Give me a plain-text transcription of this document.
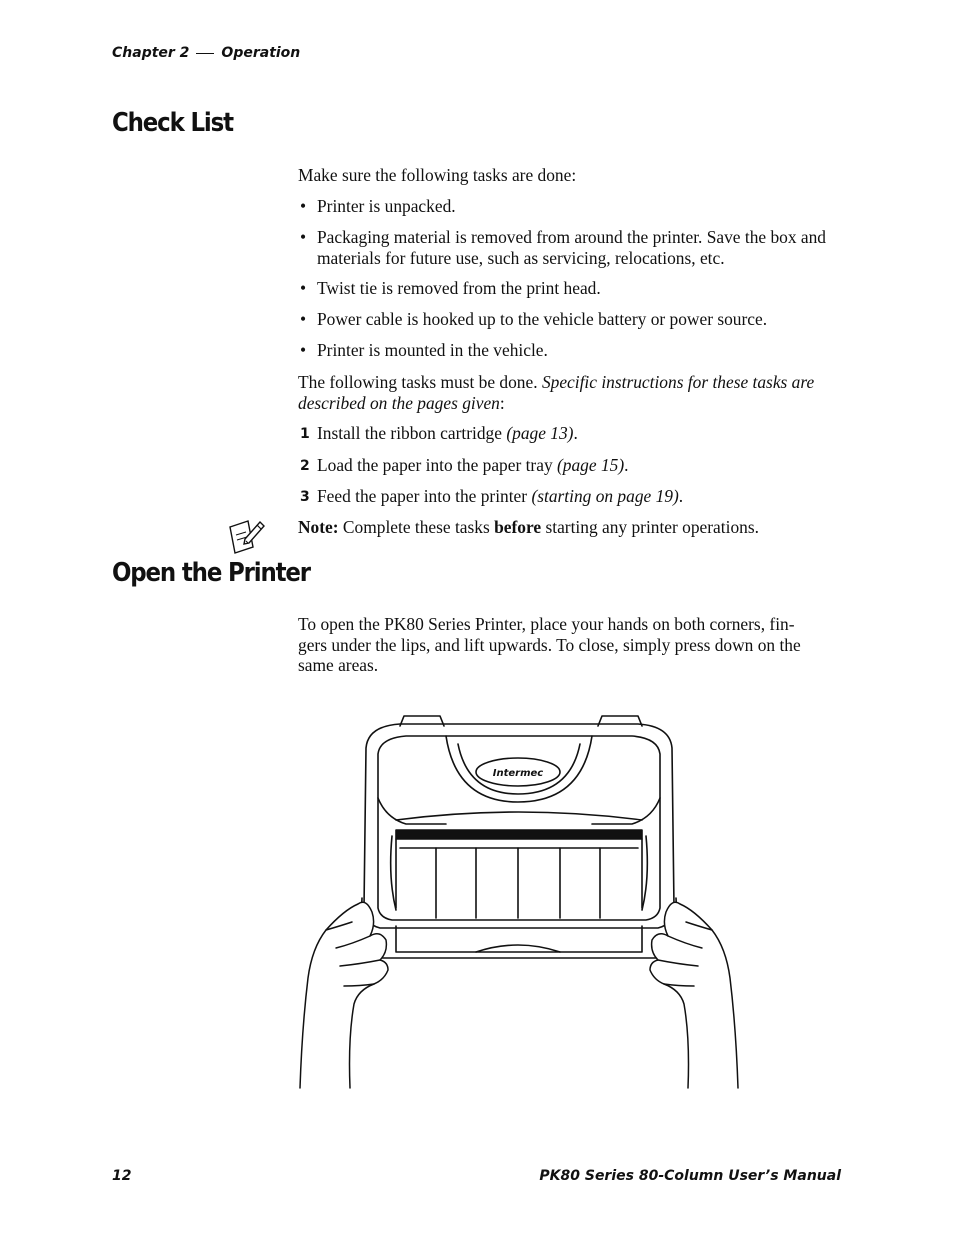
Chapter 2 Operation
Check List

Make sure the following tasks are done:

• Printer is unpacked.
• Packaging material is removed from around the printer. Save the box and materials for future use, such as servicing, relocations, etc.
• Twist tie is removed from the print head.
• Power cable is hooked up to the vehicle battery or power source.
• Printer is mounted in the vehicle.

The following tasks must be done. Specific instructions for these tasks are described on the pages given:

1 Install the ribbon cartridge (page 13).
2 Load the paper into the paper tray (page 15).
3 Feed the paper into the printer (starting on page 19).

Note: Complete these tasks before starting any printer operations.

Open the Printer

To open the PK80 Series Printer, place your hands on both corners, fin-
gers under the lips, and lift upwards. To close, simply press down on the
same areas.

Intermec
12	PK80 Series 80-Column User’s Manual
